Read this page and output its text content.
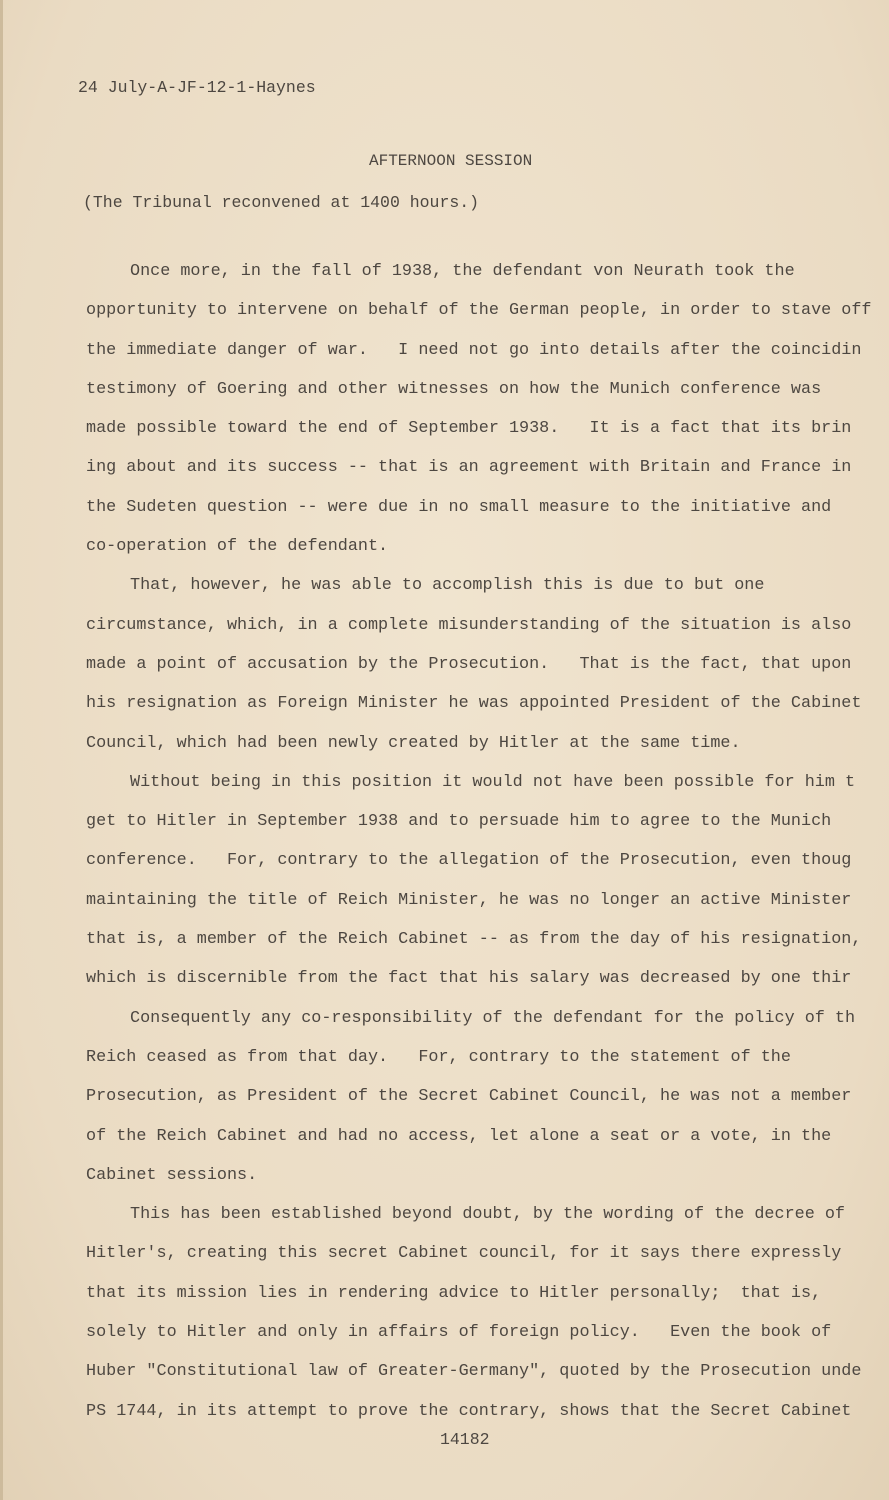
24 July-A-JF-12-1-Haynes
AFTERNOON SESSION
(The Tribunal reconvened at 1400 hours.)
Once more, in the fall of 1938, the defendant von Neurath took the
opportunity to intervene on behalf of the German people, in order to stave off
the immediate danger of war.   I need not go into details after the coincidin
testimony of Goering and other witnesses on how the Munich conference was
made possible toward the end of September 1938.   It is a fact that its brin
ing about and its success -- that is an agreement with Britain and France in
the Sudeten question -- were due in no small measure to the initiative and
co-operation of the defendant.
That, however, he was able to accomplish this is due to but one
circumstance, which, in a complete misunderstanding of the situation is also
made a point of accusation by the Prosecution.   That is the fact, that upon
his resignation as Foreign Minister he was appointed President of the Cabinet
Council, which had been newly created by Hitler at the same time.
Without being in this position it would not have been possible for him t
get to Hitler in September 1938 and to persuade him to agree to the Munich
conference.   For, contrary to the allegation of the Prosecution, even thoug
maintaining the title of Reich Minister, he was no longer an active Minister
that is, a member of the Reich Cabinet -- as from the day of his resignation,
which is discernible from the fact that his salary was decreased by one thir
Consequently any co-responsibility of the defendant for the policy of th
Reich ceased as from that day.   For, contrary to the statement of the
Prosecution, as President of the Secret Cabinet Council, he was not a member
of the Reich Cabinet and had no access, let alone a seat or a vote, in the
Cabinet sessions.
This has been established beyond doubt, by the wording of the decree of
Hitler's, creating this secret Cabinet council, for it says there expressly
that its mission lies in rendering advice to Hitler personally;  that is,
solely to Hitler and only in affairs of foreign policy.   Even the book of
Huber "Constitutional law of Greater-Germany", quoted by the Prosecution unde
PS 1744, in its attempt to prove the contrary, shows that the Secret Cabinet
14182
